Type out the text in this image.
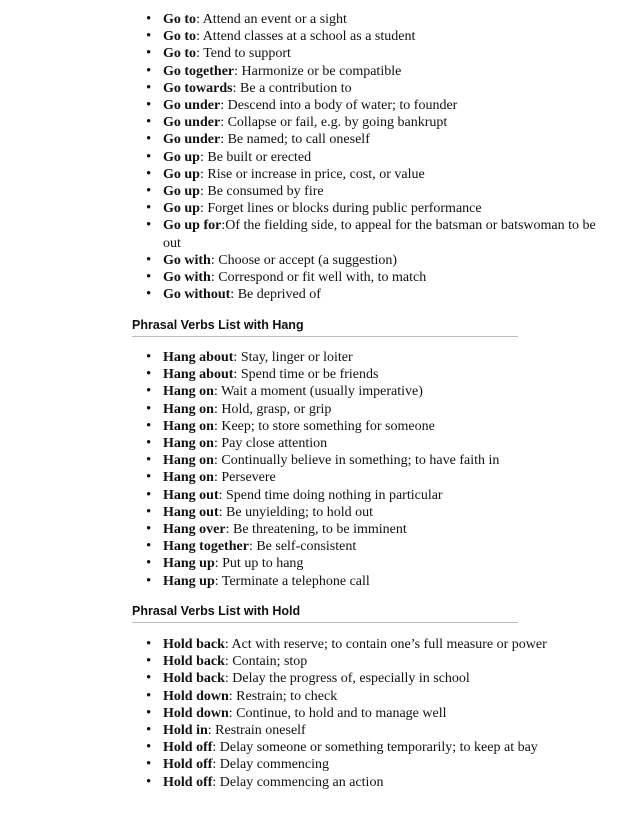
• Go to: Attend an event or a sight
• Go to: Attend classes at a school as a student
• Go to: Tend to support
• Go together: Harmonize or be compatible
• Go towards: Be a contribution to
• Go under: Descend into a body of water; to founder
• Go under: Collapse or fail, e.g. by going bankrupt
• Go under: Be named; to call oneself
• Go up: Be built or erected
• Go up: Rise or increase in price, cost, or value
• Go up: Be consumed by fire
• Go up: Forget lines or blocks during public performance
• Go up for:Of the fielding side, to appeal for the batsman or batswoman to be out
• Go with: Choose or accept (a suggestion)
• Go with: Correspond or fit well with, to match
• Go without: Be deprived of
Phrasal Verbs List with Hang
• Hang about: Stay, linger or loiter
• Hang about: Spend time or be friends
• Hang on: Wait a moment (usually imperative)
• Hang on: Hold, grasp, or grip
• Hang on: Keep; to store something for someone
• Hang on: Pay close attention
• Hang on: Continually believe in something; to have faith in
• Hang on: Persevere
• Hang out: Spend time doing nothing in particular
• Hang out: Be unyielding; to hold out
• Hang over: Be threatening, to be imminent
• Hang together: Be self-consistent
• Hang up: Put up to hang
• Hang up: Terminate a telephone call
Phrasal Verbs List with Hold
• Hold back: Act with reserve; to contain one’s full measure or power
• Hold back: Contain; stop
• Hold back: Delay the progress of, especially in school
• Hold down: Restrain; to check
• Hold down: Continue, to hold and to manage well
• Hold in: Restrain oneself
• Hold off: Delay someone or something temporarily; to keep at bay
• Hold off: Delay commencing
• Hold off: Delay commencing an action
